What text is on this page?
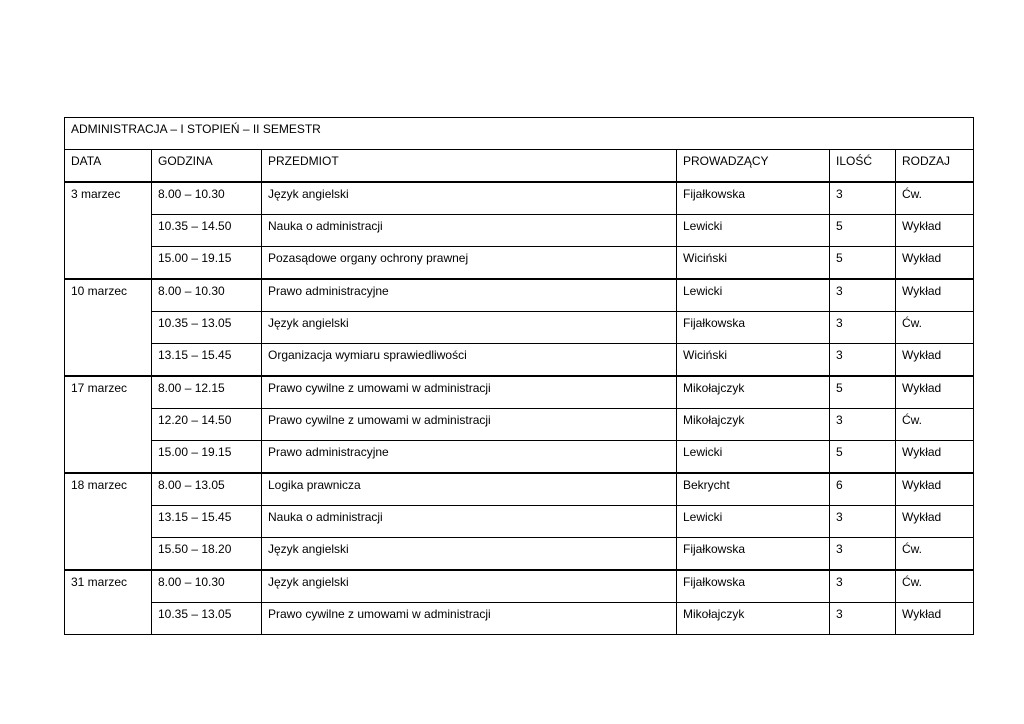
ADMINISTRACJA – I STOPIEŃ – II SEMESTR					
DATA	GODZINA	PRZEDMIOT	PROWADZĄCY	ILOŚĆ	RODZAJ
3 marzec	8.00 – 10.30	Język angielski	Fijałkowska	3	Ćw.
	10.35 – 14.50	Nauka o administracji	Lewicki	5	Wykład
	15.00 – 19.15	Pozasądowe organy ochrony prawnej	Wiciński	5	Wykład
10 marzec	8.00 – 10.30	Prawo administracyjne	Lewicki	3	Wykład
	10.35 – 13.05	Język angielski	Fijałkowska	3	Ćw.
	13.15 – 15.45	Organizacja wymiaru sprawiedliwości	Wiciński	3	Wykład
17 marzec	8.00 – 12.15	Prawo cywilne z umowami w administracji	Mikołajczyk	5	Wykład
	12.20 – 14.50	Prawo cywilne z umowami w administracji	Mikołajczyk	3	Ćw.
	15.00 – 19.15	Prawo administracyjne	Lewicki	5	Wykład
18 marzec	8.00 – 13.05	Logika prawnicza	Bekrycht	6	Wykład
	13.15 – 15.45	Nauka o administracji	Lewicki	3	Wykład
	15.50 – 18.20	Język angielski	Fijałkowska	3	Ćw.
31 marzec	8.00 – 10.30	Język angielski	Fijałkowska	3	Ćw.
	10.35 – 13.05	Prawo cywilne z umowami w administracji	Mikołajczyk	3	Wykład
